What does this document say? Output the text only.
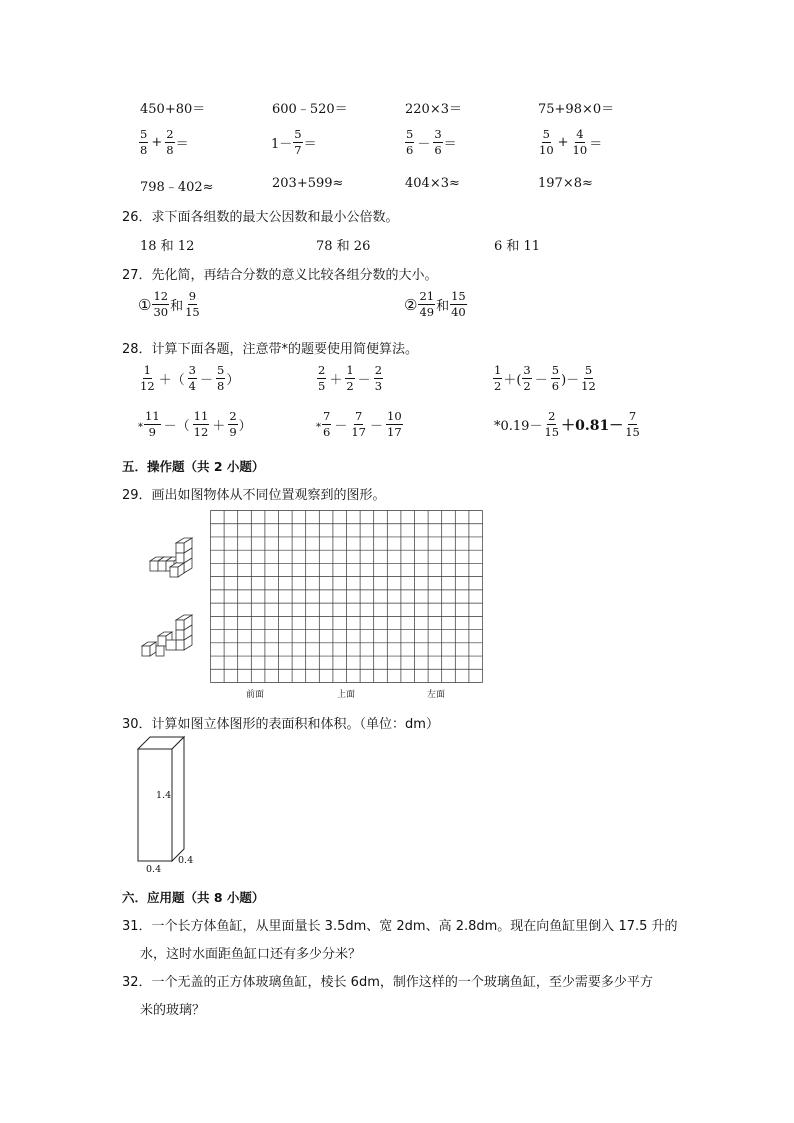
450+80＝	600﹣520＝	220×3＝	75+98×0＝
$\frac{5}{8} + \frac{2}{8}$ ＝	$1- \frac{5}{7}$ ＝	$\frac{5}{6} - \frac{3}{6}$ ＝	$\frac{5}{10} + \frac{4}{10}$ ＝
798﹣402≈	203+599≈	404×3≈	197×8≈
26．求下面各组数的最大公因数和最小公倍数。
18 和 12	78 和 26	6 和 11
27．先化简，再结合分数的意义比较各组分数的大小。
① $\frac{12}{30}$ 和 $\frac{9}{15}$	② $\frac{21}{49}$ 和 $\frac{15}{40}$
28．计算下面各题，注意带*的题要使用简便算法。
$\frac{1}{12}$ ＋（ $\frac{3}{4} - \frac{5}{8}$ ）	$\frac{2}{5} + \frac{1}{2} - \frac{2}{3}$	$\frac{1}{2}$ ＋( $\frac{3}{2} - \frac{5}{6}$ )－ $\frac{5}{12}$
* $\frac{11}{9}$ －（ $\frac{11}{12} + \frac{2}{9}$ ）	* $\frac{7}{6} - \frac{7}{17} - \frac{10}{17}$	$*0.19- \frac{2}{15} +0.81- \frac{7}{15}$
五．操作题（共 2 小题）
29．画出如图物体从不同位置观察到的图形。
前面	上面	左面
30．计算如图立体图形的表面积和体积。（单位：dm）
1.4
0.4
0.4
六．应用题（共 8 小题）
31．一个长方体鱼缸，从里面量长 3.5dm、宽 2dm、高 2.8dm。现在向鱼缸里倒入 17.5 升的
水，这时水面距鱼缸口还有多少分米？
32．一个无盖的正方体玻璃鱼缸，棱长 6dm，制作这样的一个玻璃鱼缸，至少需要多少平方
米的玻璃？
